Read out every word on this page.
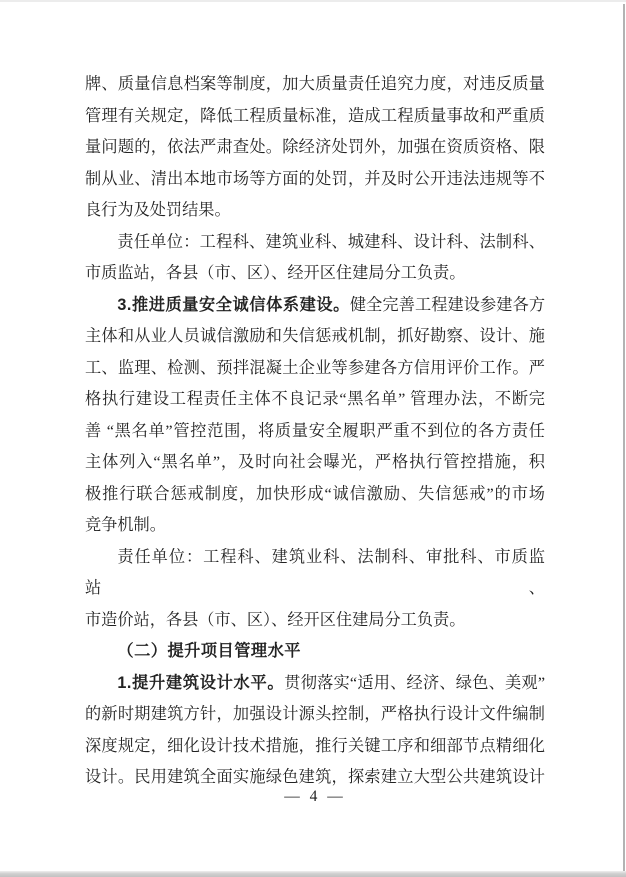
牌、质量信息档案等制度，加大质量责任追究力度，对违反质量
管理有关规定，降低工程质量标准，造成工程质量事故和严重质
量问题的，依法严肃查处。除经济处罚外，加强在资质资格、限
制从业、清出本地市场等方面的处罚，并及时公开违法违规等不
良行为及处罚结果。
责任单位：工程科、建筑业科、城建科、设计科、法制科、
市质监站，各县（市、区）、经开区住建局分工负责。
3.推进质量安全诚信体系建设。健全完善工程建设参建各方
主体和从业人员诚信激励和失信惩戒机制，抓好勘察、设计、施
工、监理、检测、预拌混凝土企业等参建各方信用评价工作。严
格执行建设工程责任主体不良记录“黑名单” 管理办法，不断完
善 “黑名单”管控范围，将质量安全履职严重不到位的各方责任
主体列入“黑名单”，及时向社会曝光，严格执行管控措施，积
极推行联合惩戒制度，加快形成“诚信激励、失信惩戒”的市场
竞争机制。
责任单位：工程科、建筑业科、法制科、审批科、市质监站、
市造价站，各县（市、区）、经开区住建局分工负责。
（二）提升项目管理水平
1.提升建筑设计水平。贯彻落实“适用、经济、绿色、美观”
的新时期建筑方针，加强设计源头控制，严格执行设计文件编制
深度规定，细化设计技术措施，推行关键工序和细部节点精细化
设计。民用建筑全面实施绿色建筑，探索建立大型公共建筑设计
— 4 —
